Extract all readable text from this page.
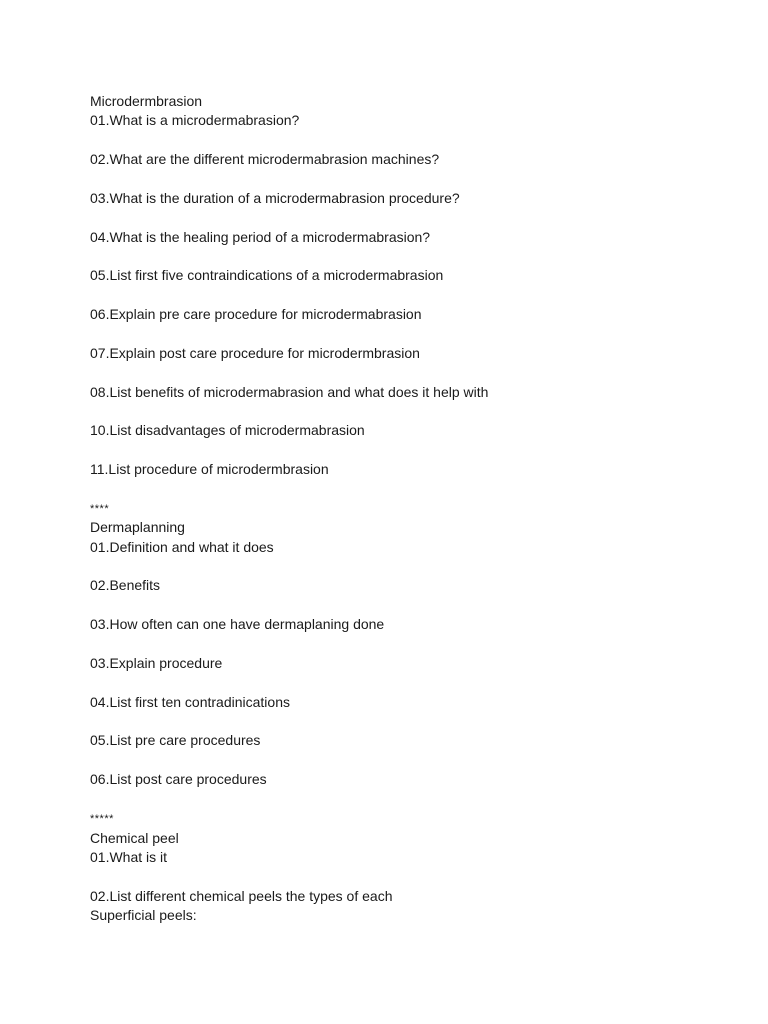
Microdermbrasion

01.What is a microdermabrasion?

02.What are the different microdermabrasion machines?

03.What is the duration of a microdermabrasion procedure?

04.What is the healing period of a microdermabrasion?

05.List first five contraindications of a microdermabrasion

06.Explain pre care procedure for microdermabrasion

07.Explain post care procedure for microdermbrasion

08.List benefits of microdermabrasion and what does it help with

10.List disadvantages of microdermabrasion

11.List procedure of microdermbrasion

****

Dermaplanning

01.Definition and what it does

02.Benefits

03.How often can one have dermaplaning done

03.Explain procedure

04.List first ten contradinications

05.List pre care procedures

06.List post care procedures

*****

Chemical peel

01.What is it

02.List different chemical peels the types of each

Superficial peels:
